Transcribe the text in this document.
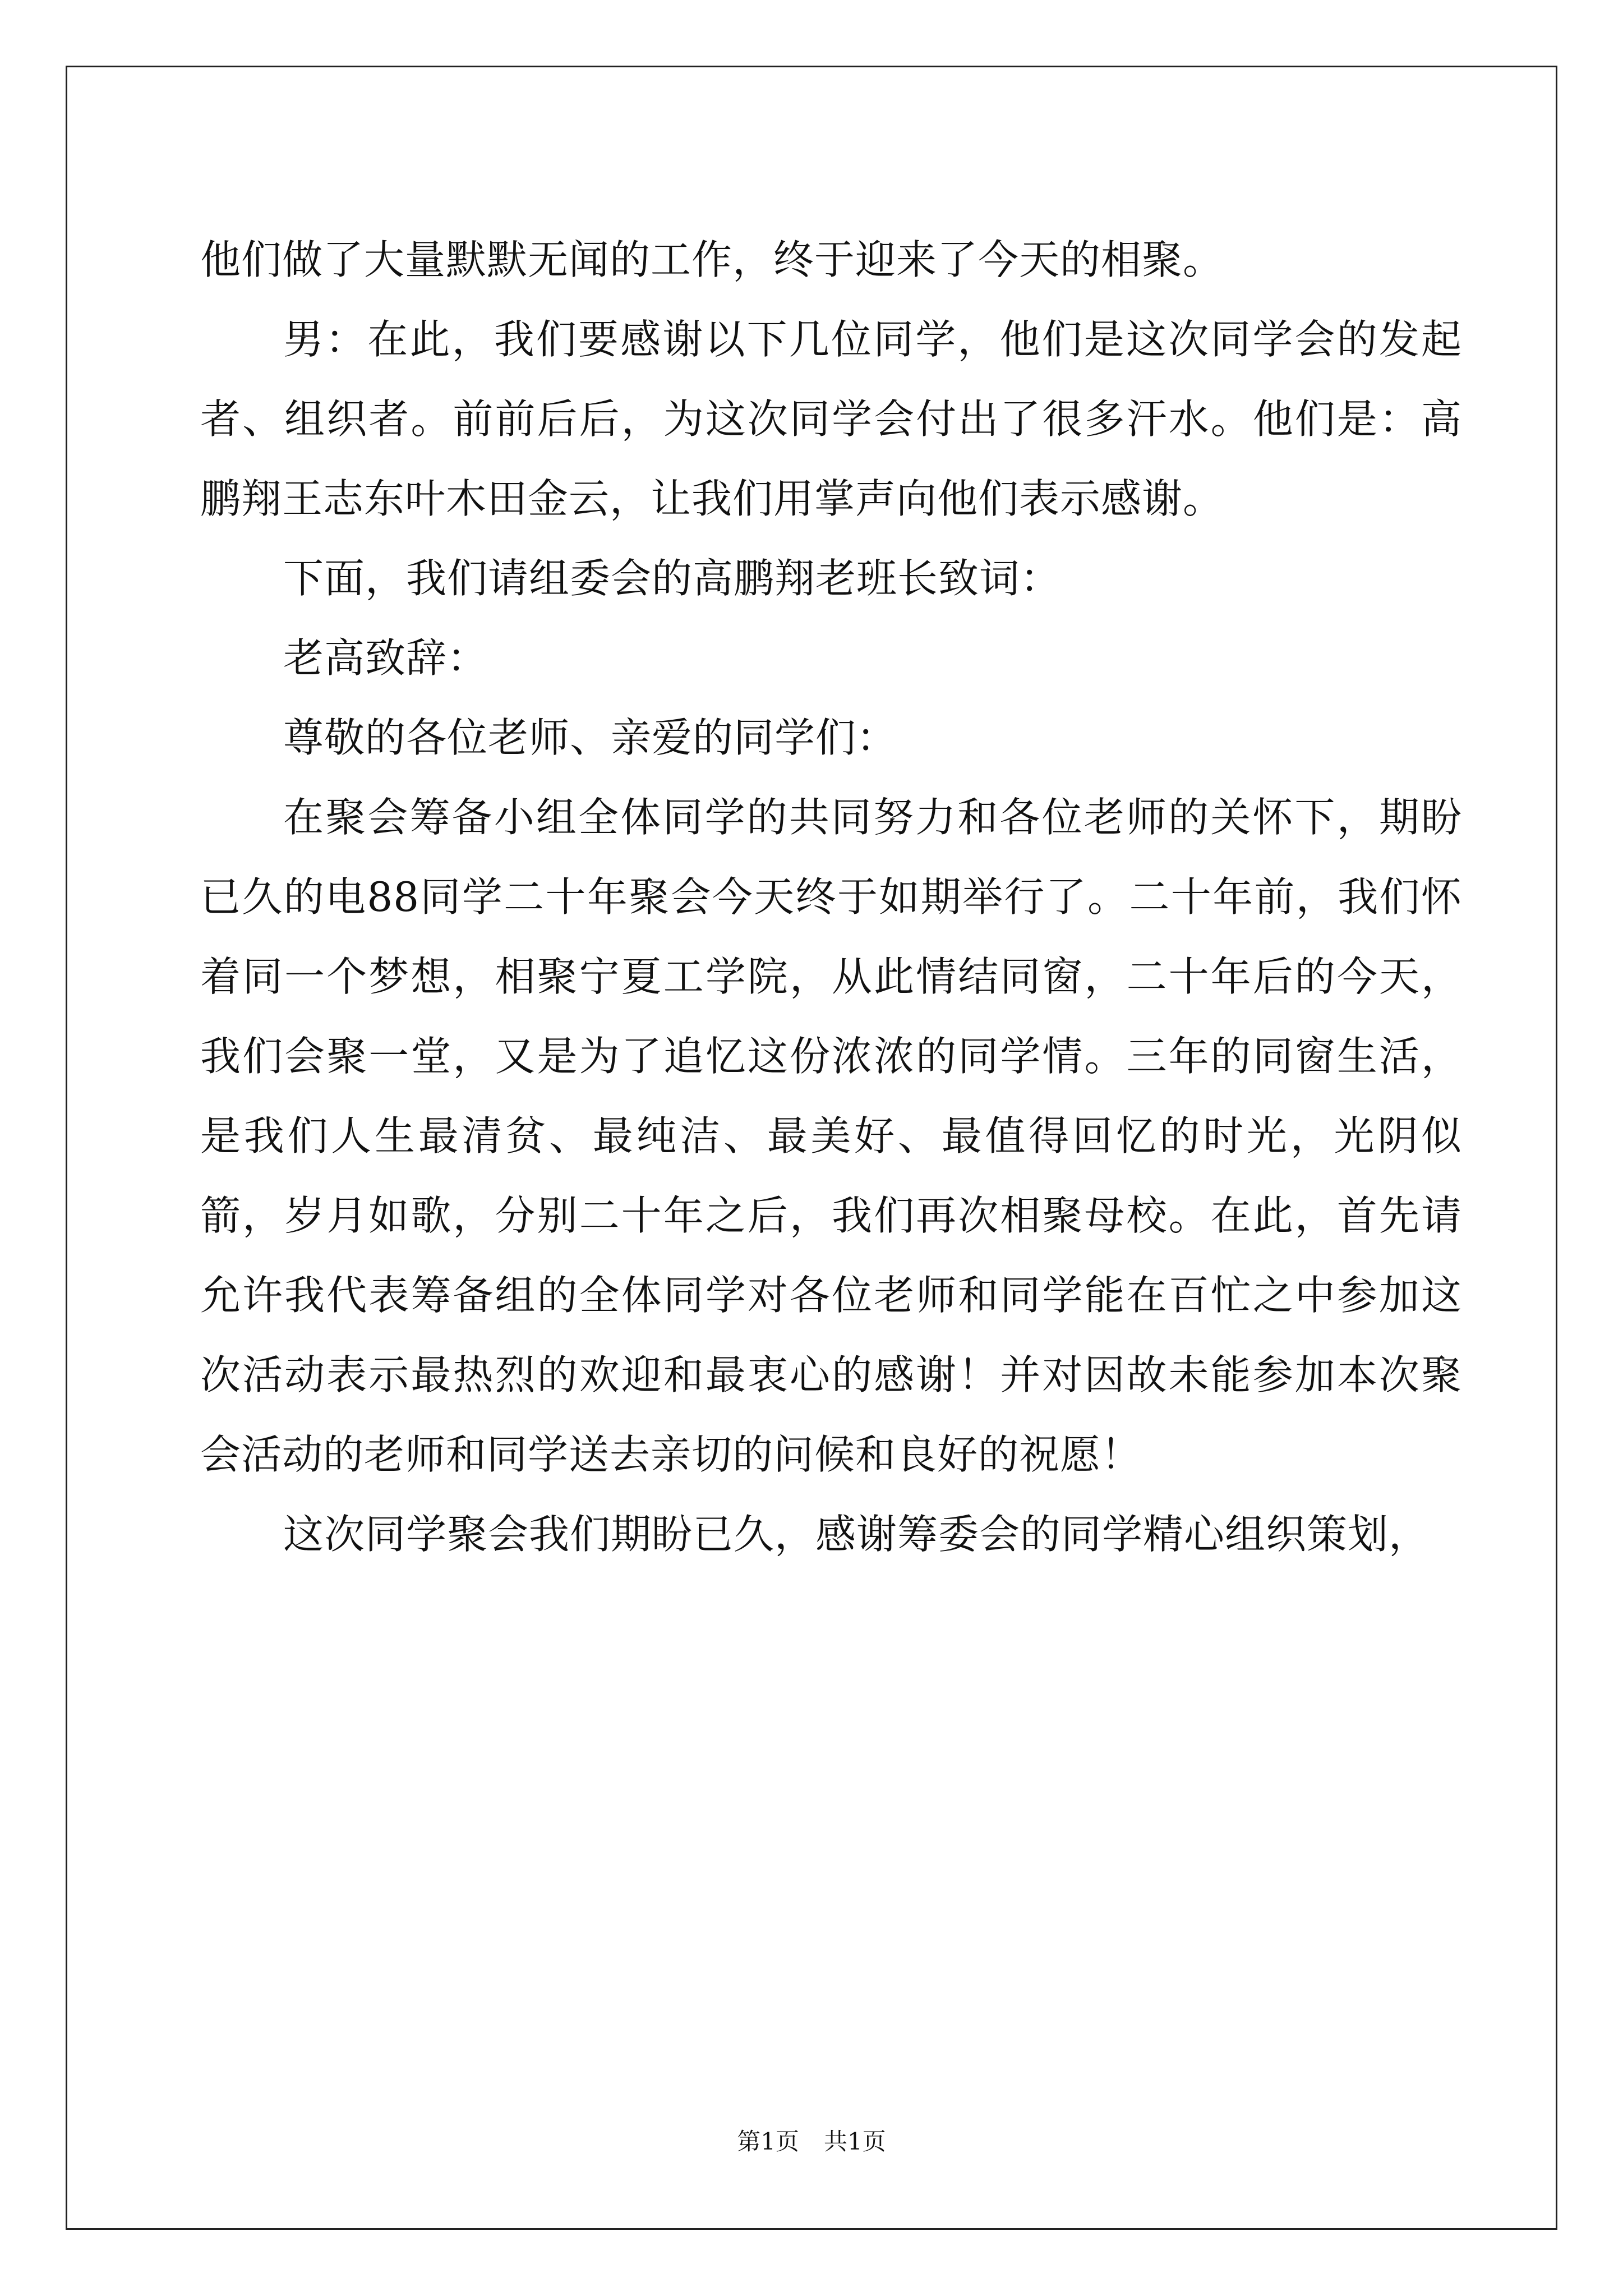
他们做了大量默默无闻的工作，终于迎来了今天的相聚。

男：在此，我们要感谢以下几位同学，他们是这次同学会的发起者、组织者。前前后后，为这次同学会付出了很多汗水。他们是：高鹏翔王志东叶木田金云，让我们用掌声向他们表示感谢。

下面，我们请组委会的高鹏翔老班长致词：

老高致辞：

尊敬的各位老师、亲爱的同学们：

在聚会筹备小组全体同学的共同努力和各位老师的关怀下，期盼已久的电88同学二十年聚会今天终于如期举行了。二十年前，我们怀着同一个梦想，相聚宁夏工学院，从此情结同窗，二十年后的今天，我们会聚一堂，又是为了追忆这份浓浓的同学情。三年的同窗生活，是我们人生最清贫、最纯洁、最美好、最值得回忆的时光，光阴似箭，岁月如歌，分别二十年之后，我们再次相聚母校。在此，首先请允许我代表筹备组的全体同学对各位老师和同学能在百忙之中参加这次活动表示最热烈的欢迎和最衷心的感谢！并对因故未能参加本次聚会活动的老师和同学送去亲切的问候和良好的祝愿！

这次同学聚会我们期盼已久，感谢筹委会的同学精心组织策划，

第1页 共1页
